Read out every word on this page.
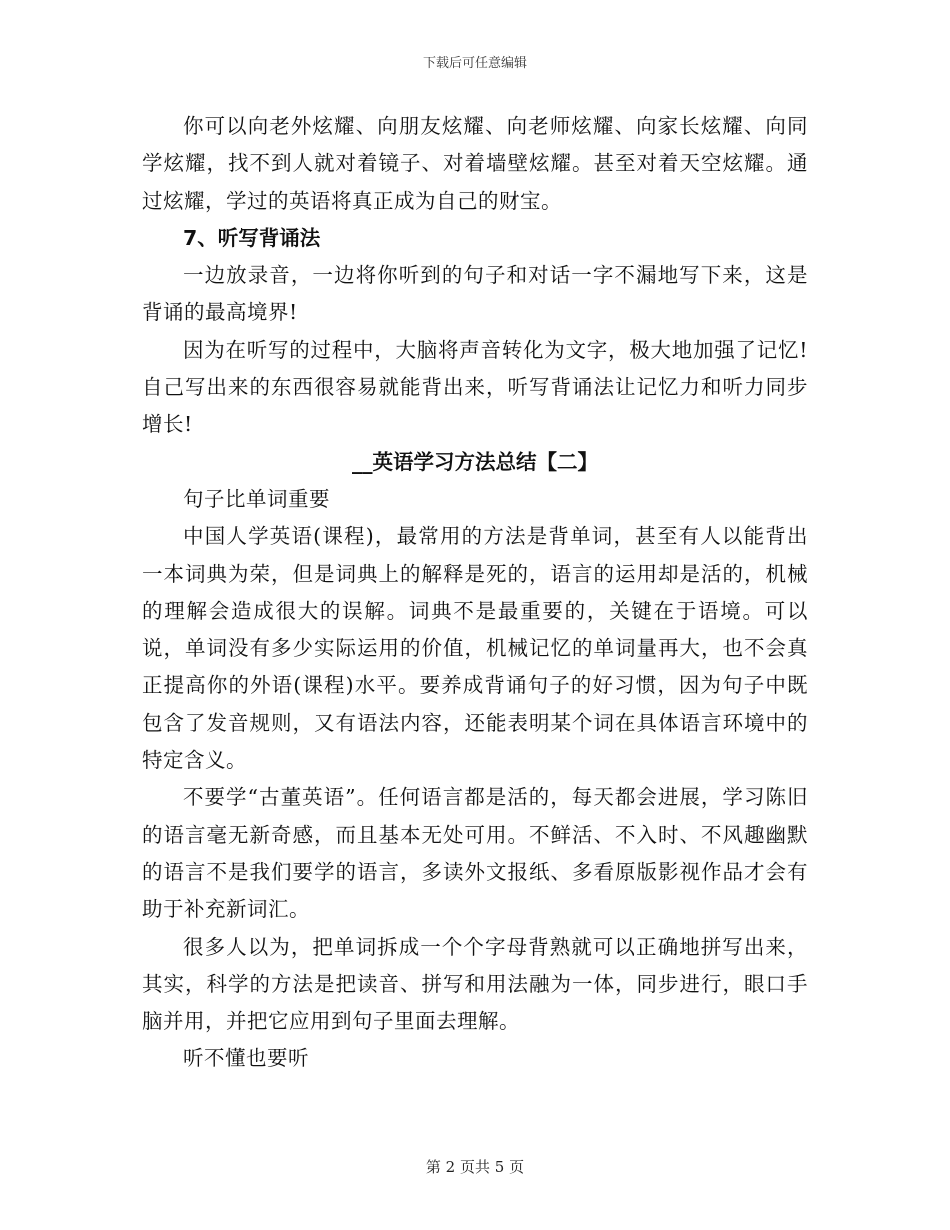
下载后可任意编辑

你可以向老外炫耀、向朋友炫耀、向老师炫耀、向家长炫耀、向同学炫耀，找不到人就对着镜子、对着墙壁炫耀。甚至对着天空炫耀。通过炫耀，学过的英语将真正成为自己的财宝。

7、听写背诵法

一边放录音，一边将你听到的句子和对话一字不漏地写下来，这是背诵的最高境界!

因为在听写的过程中，大脑将声音转化为文字，极大地加强了记忆!自己写出来的东西很容易就能背出来，听写背诵法让记忆力和听力同步增长!

__英语学习方法总结【二】

句子比单词重要

中国人学英语(课程)，最常用的方法是背单词，甚至有人以能背出一本词典为荣，但是词典上的解释是死的，语言的运用却是活的，机械的理解会造成很大的误解。词典不是最重要的，关键在于语境。可以说，单词没有多少实际运用的价值，机械记忆的单词量再大，也不会真正提高你的外语(课程)水平。要养成背诵句子的好习惯，因为句子中既包含了发音规则，又有语法内容，还能表明某个词在具体语言环境中的特定含义。

不要学“古董英语”。任何语言都是活的，每天都会进展，学习陈旧的语言毫无新奇感，而且基本无处可用。不鲜活、不入时、不风趣幽默的语言不是我们要学的语言，多读外文报纸、多看原版影视作品才会有助于补充新词汇。

很多人以为，把单词拆成一个个字母背熟就可以正确地拼写出来，其实，科学的方法是把读音、拼写和用法融为一体，同步进行，眼口手脑并用，并把它应用到句子里面去理解。

听不懂也要听

第 2 页共 5 页
